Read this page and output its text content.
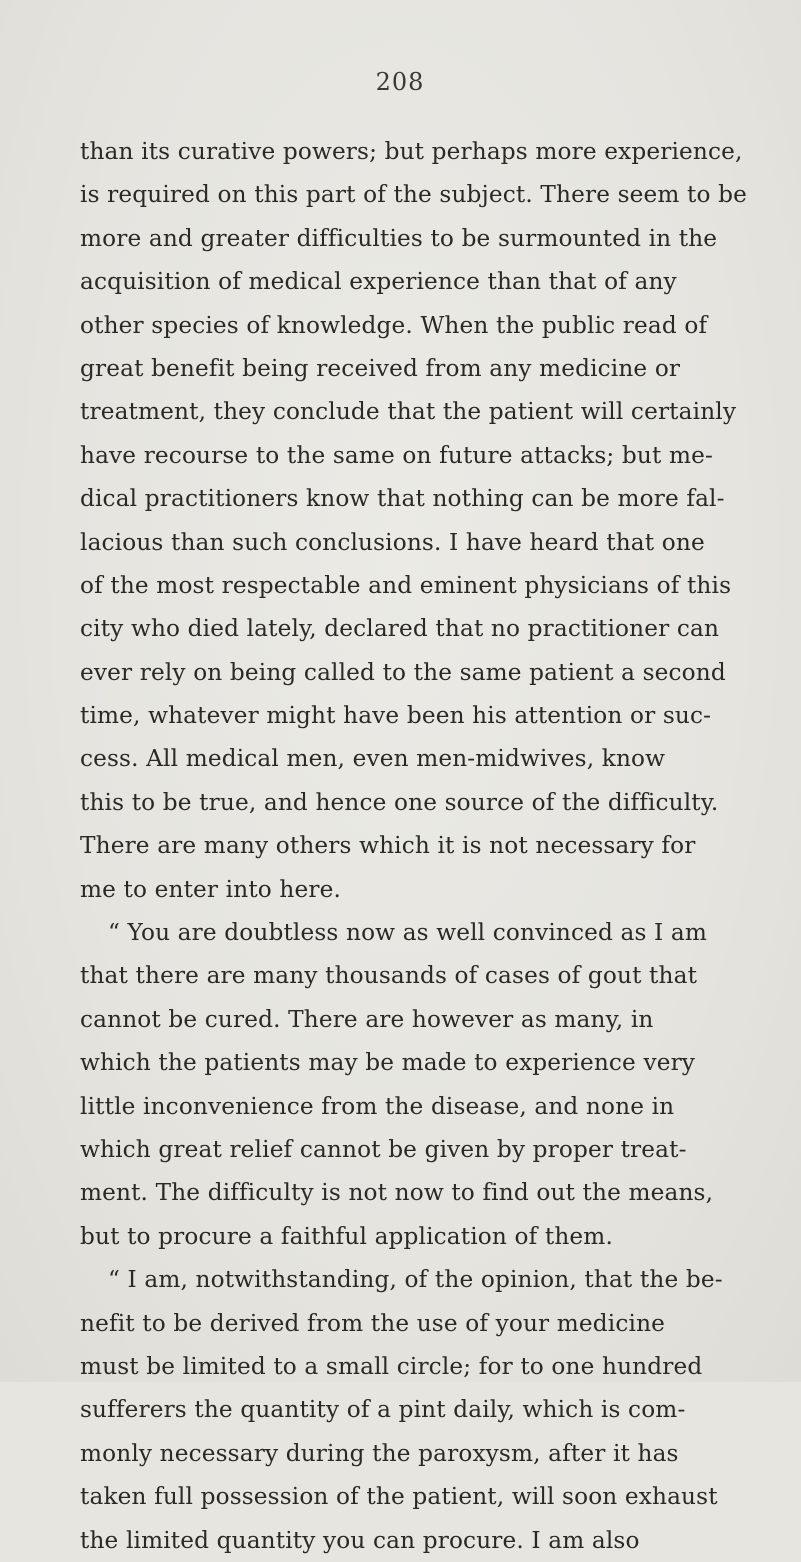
208
than its curative powers; but perhaps more experience,
is required on this part of the subject. There seem to be
more and greater difficulties to be surmounted in the
acquisition of medical experience than that of any
other species of knowledge. When the public read of
great benefit being received from any medicine or
treatment, they conclude that the patient will certainly
have recourse to the same on future attacks; but me-
dical practitioners know that nothing can be more fal-
lacious than such conclusions. I have heard that one
of the most respectable and eminent physicians of this
city who died lately, declared that no practitioner can
ever rely on being called to the same patient a second
time, whatever might have been his attention or suc-
cess. All medical men, even men-midwives, know
this to be true, and hence one source of the difficulty.
There are many others which it is not necessary for
me to enter into here.
“ You are doubtless now as well convinced as I am
that there are many thousands of cases of gout that
cannot be cured. There are however as many, in
which the patients may be made to experience very
little inconvenience from the disease, and none in
which great relief cannot be given by proper treat-
ment. The difficulty is not now to find out the means,
but to procure a faithful application of them.
“ I am, notwithstanding, of the opinion, that the be-
nefit to be derived from the use of your medicine
must be limited to a small circle; for to one hundred
sufferers the quantity of a pint daily, which is com-
monly necessary during the paroxysm, after it has
taken full possession of the patient, will soon exhaust
the limited quantity you can procure. I am also
